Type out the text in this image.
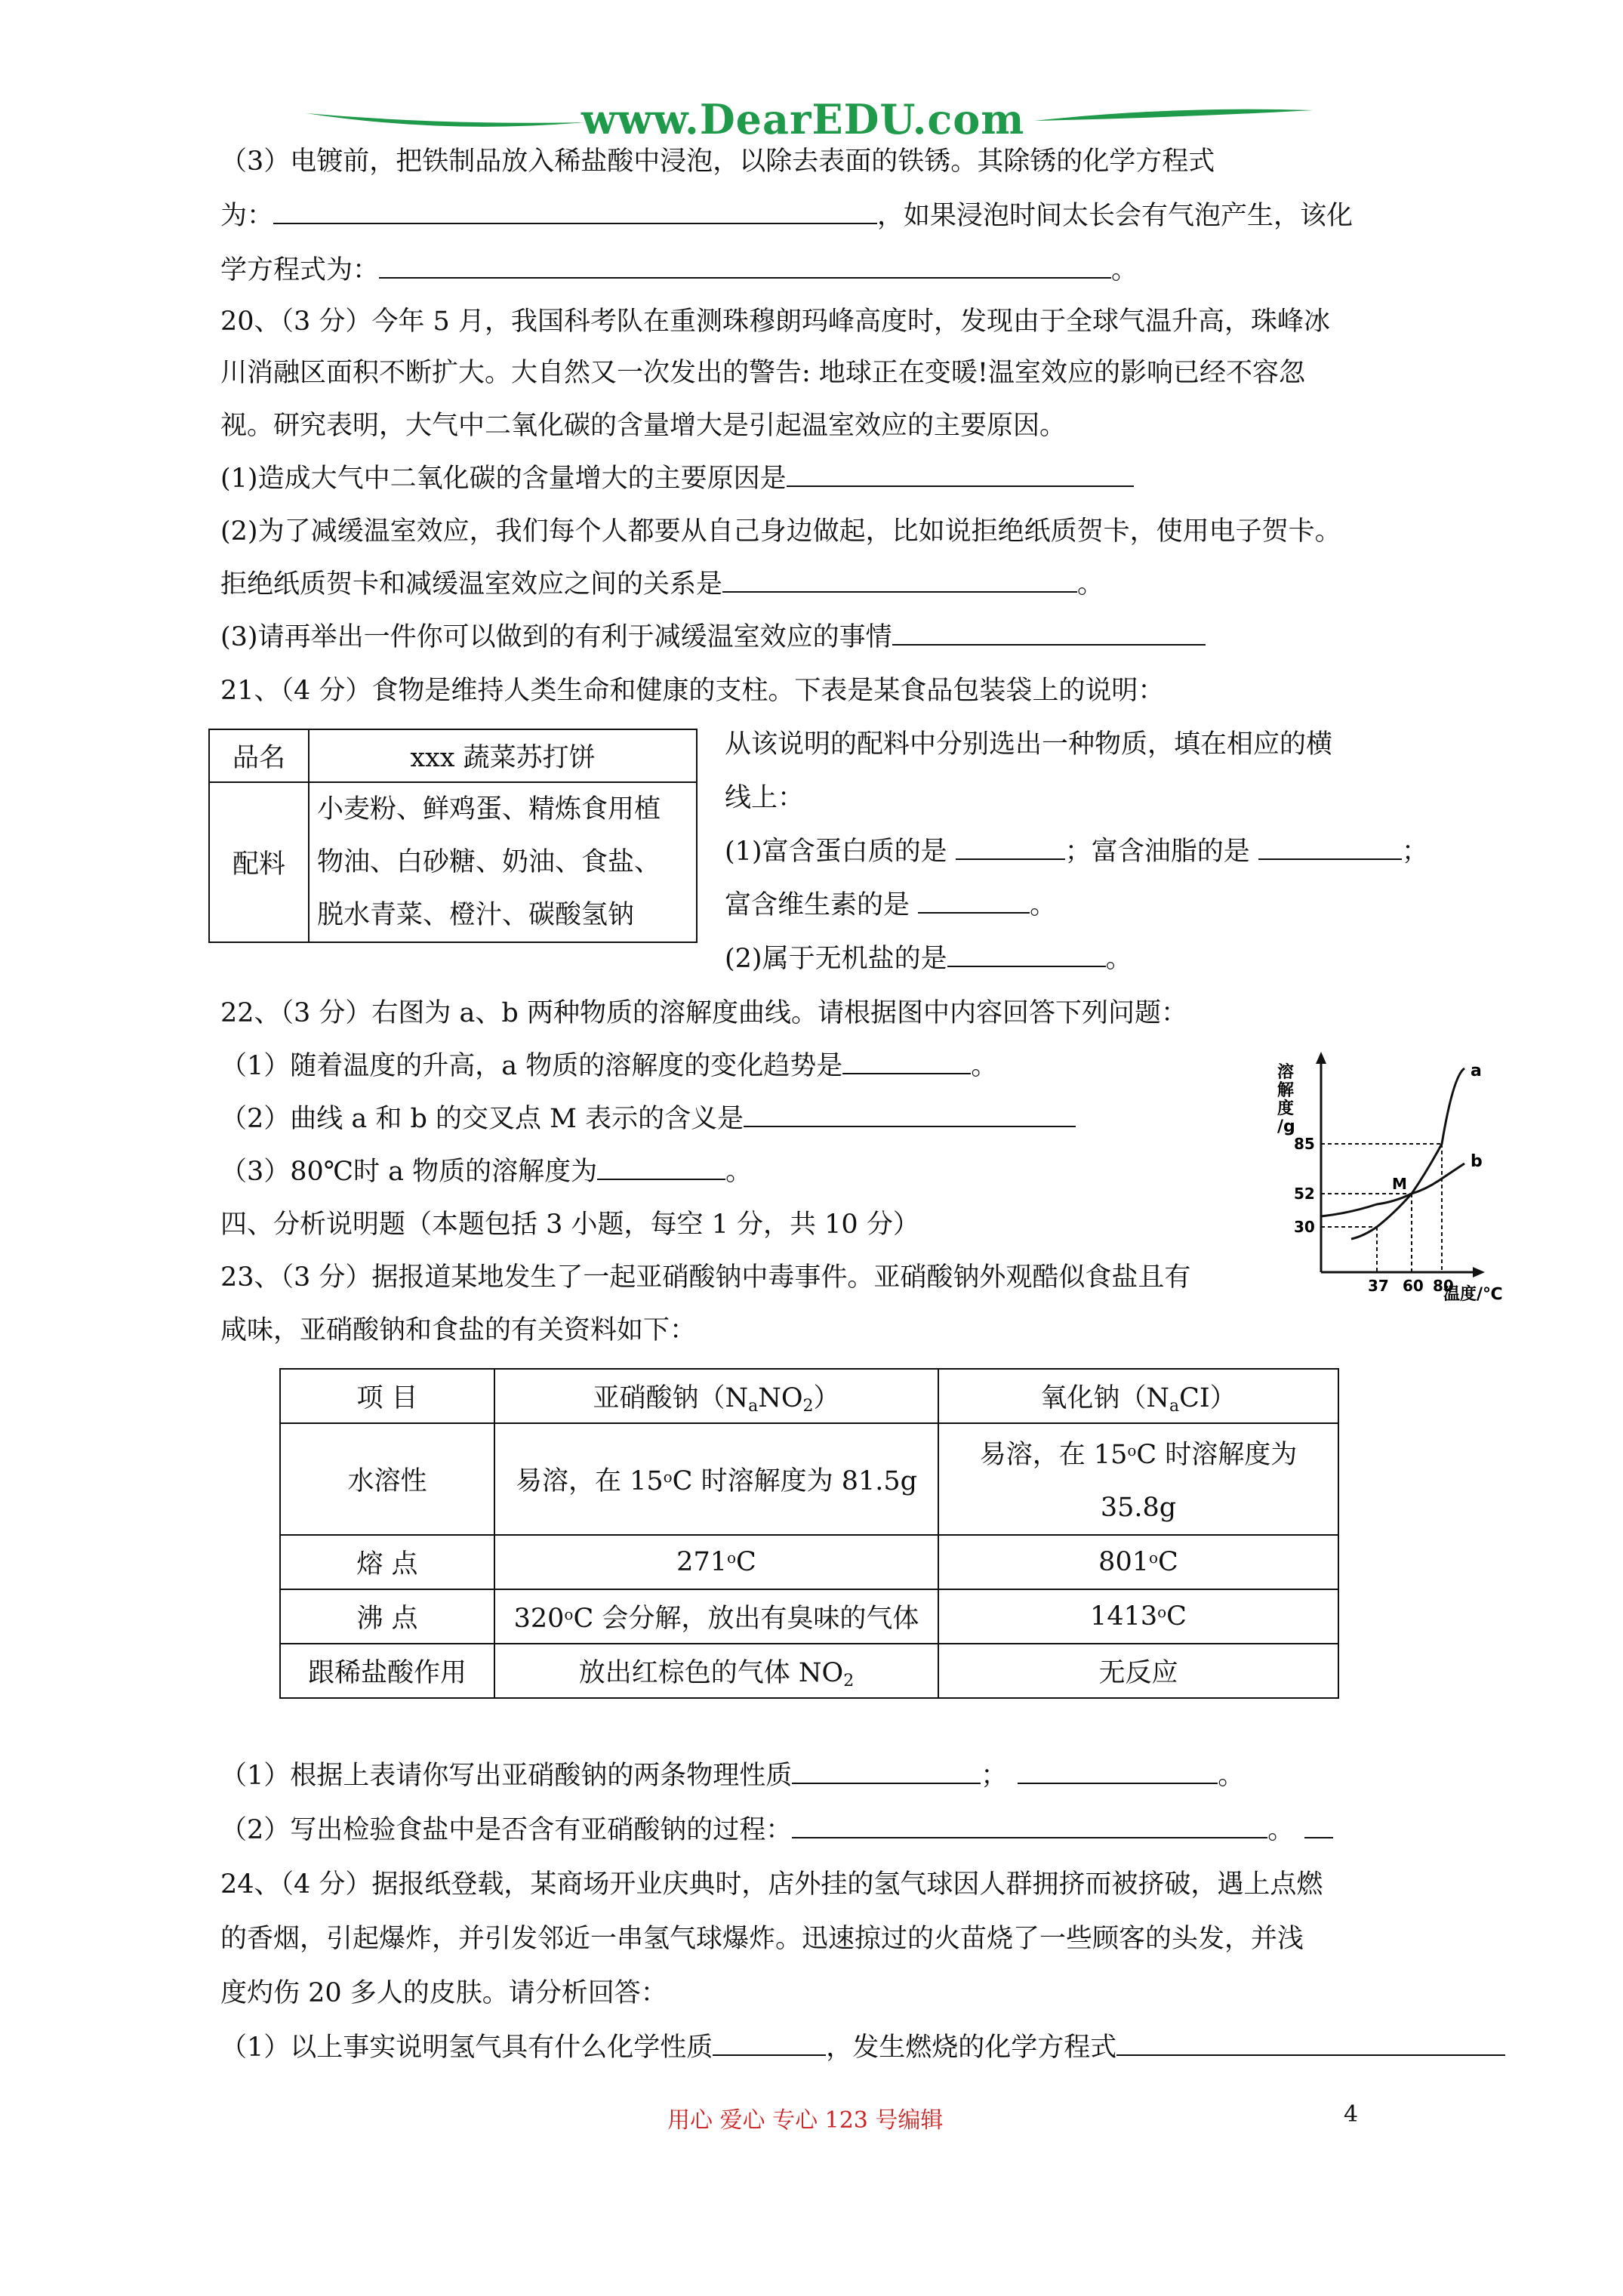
www.DearEDU.com
（3）电镀前，把铁制品放入稀盐酸中浸泡，以除去表面的铁锈。其除锈的化学方程式
为：	，如果浸泡时间太长会有气泡产生，该化
学方程式为：	。
20、（3 分）今年 5 月，我国科考队在重测珠穆朗玛峰高度时，发现由于全球气温升高，珠峰冰
川消融区面积不断扩大。大自然又一次发出的警告: 地球正在变暖!温室效应的影响已经不容忽
视。研究表明，大气中二氧化碳的含量增大是引起温室效应的主要原因。
(1)造成大气中二氧化碳的含量增大的主要原因是
(2)为了减缓温室效应，我们每个人都要从自己身边做起，比如说拒绝纸质贺卡，使用电子贺卡。
拒绝纸质贺卡和减缓温室效应之间的关系是	。
(3)请再举出一件你可以做到的有利于减缓温室效应的事情
21、（4 分）食物是维持人类生命和健康的支柱。下表是某食品包装袋上的说明：
品名	xxx 蔬菜苏打饼
配料	小麦粉、鲜鸡蛋、精炼食用植
物油、白砂糖、奶油、食盐、
脱水青菜、橙汁、碳酸氢钠
从该说明的配料中分别选出一种物质，填在相应的横
线上：
(1)富含蛋白质的是	；富含油脂的是	；
富含维生素的是	。
(2)属于无机盐的是	。
22、（3 分）右图为 a、b 两种物质的溶解度曲线。请根据图中内容回答下列问题：
（1）随着温度的升高，a 物质的溶解度的变化趋势是	。
（2）曲线 a 和 b 的交叉点 M 表示的含义是
（3）80℃时 a 物质的溶解度为	。
溶
解
度
/g
85
52
30
37 60 80
温度/℃
a
b
M
四、分析说明题（本题包括 3 小题，每空 1 分，共 10 分）
23、（3 分）据报道某地发生了一起亚硝酸钠中毒事件。亚硝酸钠外观酷似食盐且有
咸味，亚硝酸钠和食盐的有关资料如下：
项 目	亚硝酸钠$(N_aNO_2)$	氧化钠$(N_aCI)$
水溶性	易溶，在 15$^o$C 时溶解度为 81.5g	易溶，在 15$^o$C 时溶解度为
35.8g

熔 点	271$^o$C	801$^o$C
沸 点	320$^o$C 会分解，放出有臭味的气体	1413$^o$C
跟稀盐酸作用	放出红棕色的气体 $NO_2$	无反应
（1）根据上表请你写出亚硝酸钠的两条物理性质	；	。
（2）写出检验食盐中是否含有亚硝酸钠的过程：	。
24、（4 分）据报纸登载，某商场开业庆典时，店外挂的氢气球因人群拥挤而被挤破，遇上点燃
的香烟，引起爆炸，并引发邻近一串氢气球爆炸。迅速掠过的火苗烧了一些顾客的头发，并浅
度灼伤 20 多人的皮肤。请分析回答：
（1）以上事实说明氢气具有什么化学性质	，发生燃烧的化学方程式
用心 爱心 专心 123 号编辑	4
